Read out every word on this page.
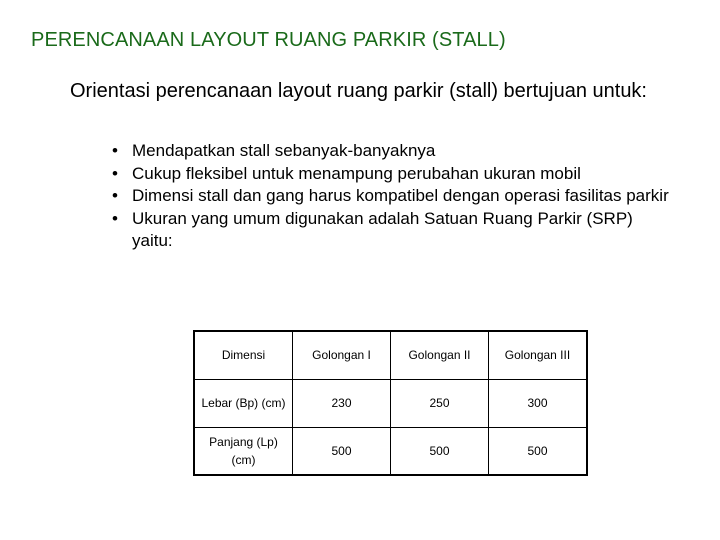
PERENCANAAN LAYOUT RUANG PARKIR (STALL)
Orientasi perencanaan layout ruang parkir (stall) bertujuan untuk:
• Mendapatkan stall sebanyak-banyaknya
• Cukup fleksibel untuk menampung perubahan ukuran mobil
• Dimensi stall dan gang harus kompatibel dengan operasi fasilitas parkir
• Ukuran yang umum digunakan adalah Satuan Ruang Parkir (SRP) yaitu:
Dimensi	Golongan I	Golongan II	Golongan III
Lebar (Bp) (cm)	230	250	300
Panjang (Lp) (cm)	500	500	500
